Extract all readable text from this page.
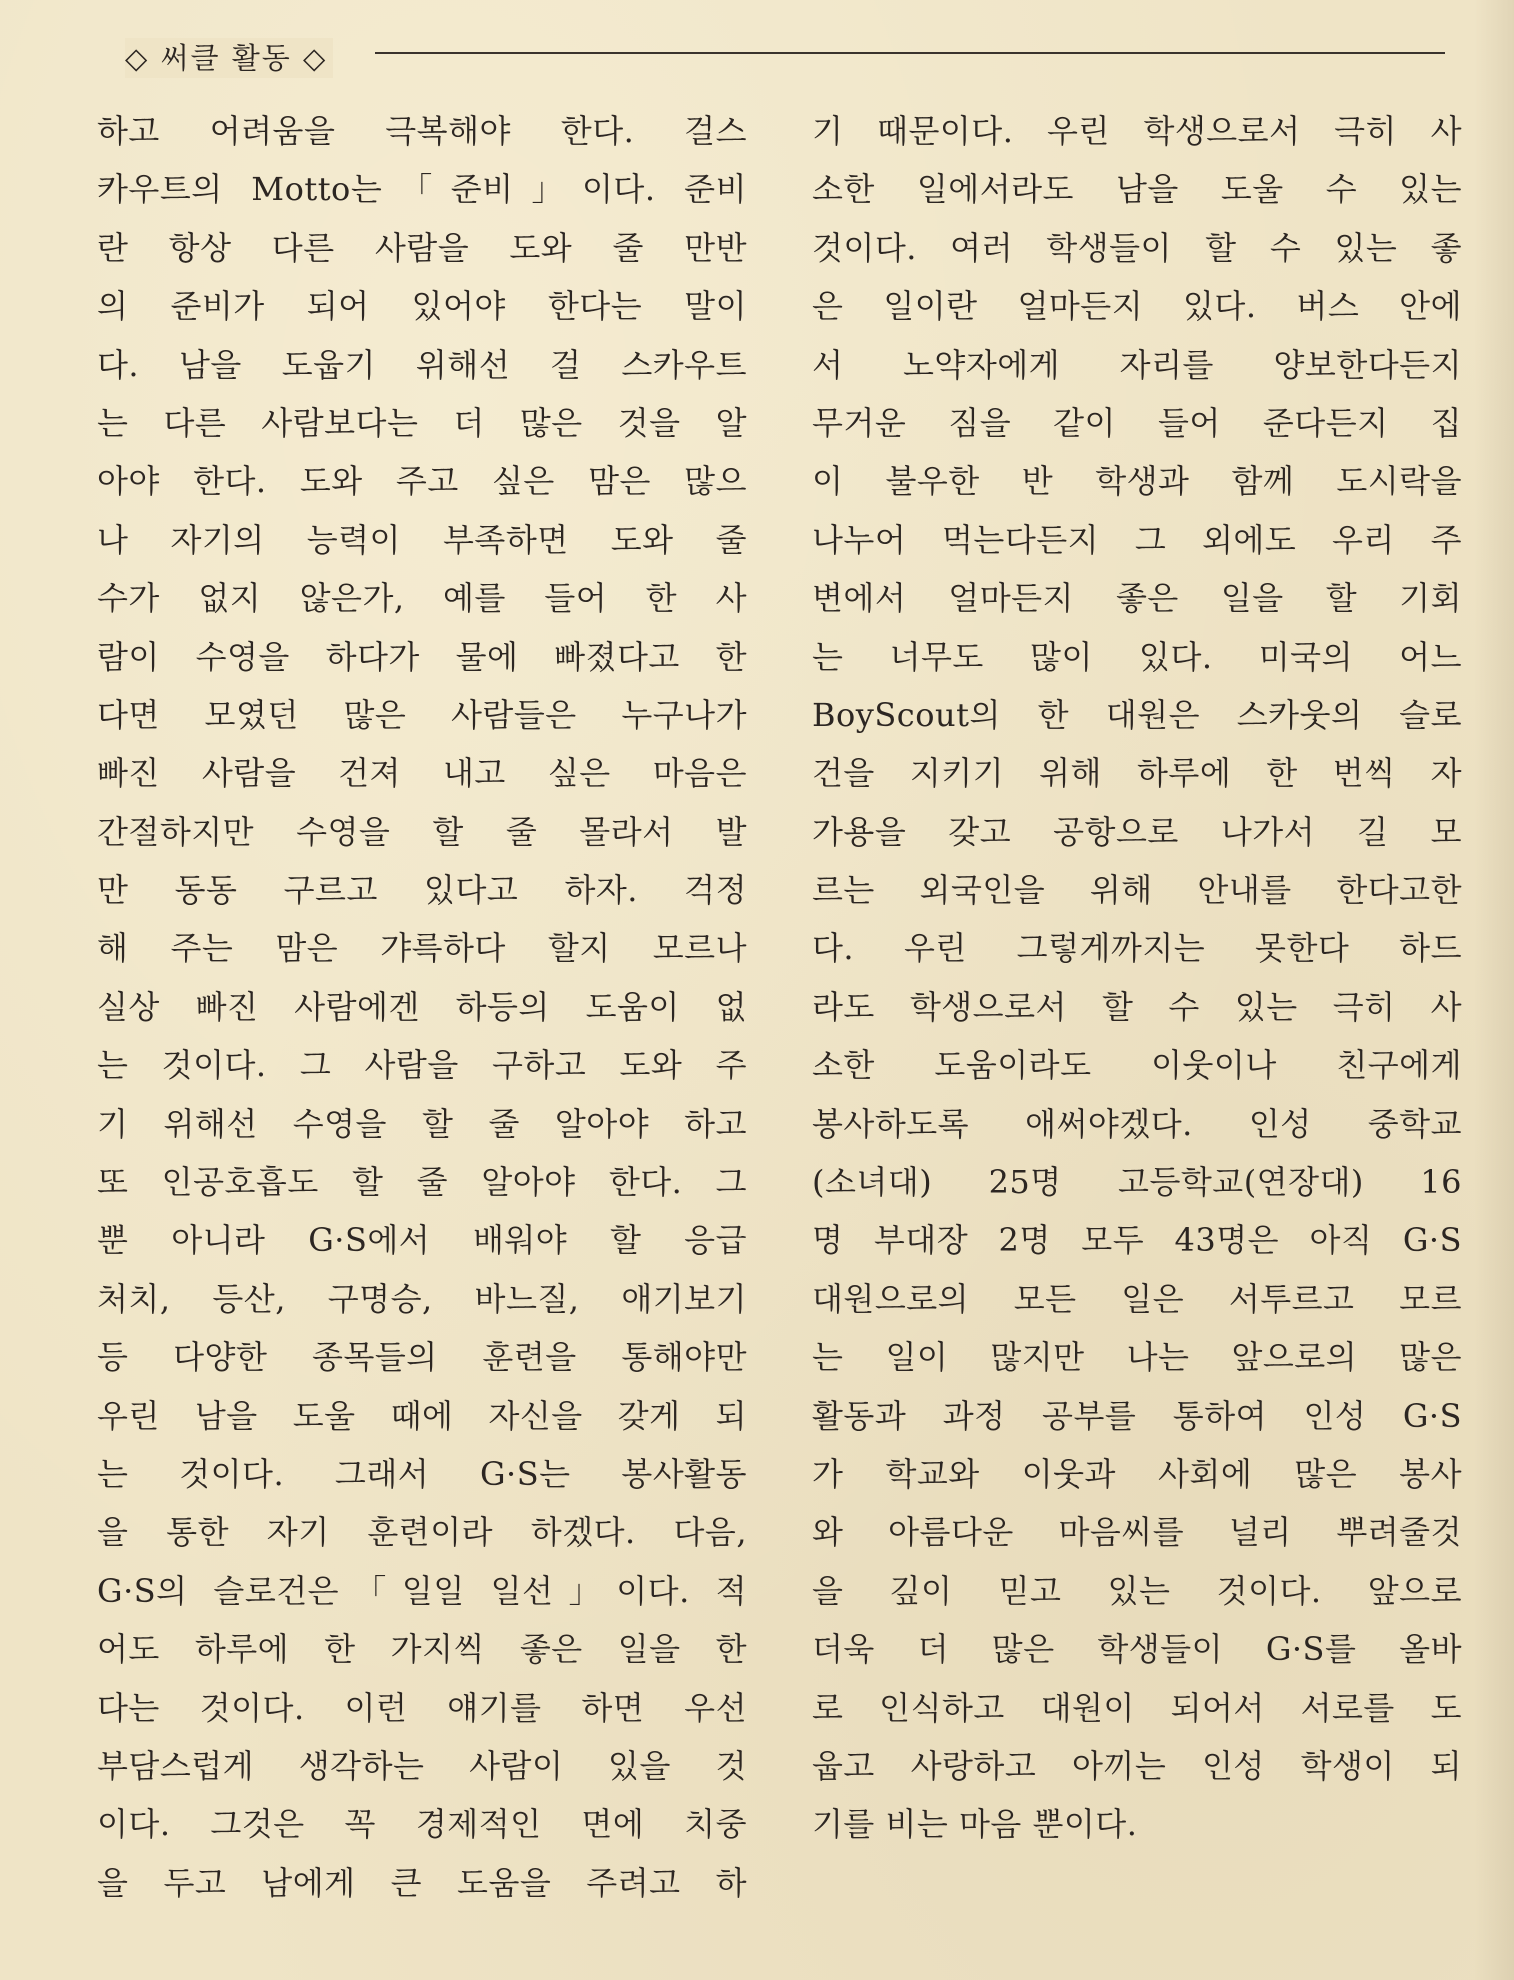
◇ 써클 활동 ◇
하고 어려움을 극복해야 한다. 걸스
카우트의 Motto는「준비」이다. 준비
란 항상 다른 사람을 도와 줄 만반
의 준비가 되어 있어야 한다는 말이
다. 남을 도웁기 위해선 걸 스카우트
는 다른 사람보다는 더 많은 것을 알
아야 한다. 도와 주고 싶은 맘은 많으
나 자기의 능력이 부족하면 도와 줄
수가 없지 않은가, 예를 들어 한 사
람이 수영을 하다가 물에 빠졌다고 한
다면 모였던 많은 사람들은 누구나가
빠진 사람을 건져 내고 싶은 마음은
간절하지만 수영을 할 줄 몰라서 발
만 동동 구르고 있다고 하자. 걱정
해 주는 맘은 갸륵하다 할지 모르나
실상 빠진 사람에겐 하등의 도움이 없
는 것이다. 그 사람을 구하고 도와 주
기 위해선 수영을 할 줄 알아야 하고
또 인공호흡도 할 줄 알아야 한다. 그
뿐 아니라 G·S에서 배워야 할 응급
처치, 등산, 구명승, 바느질, 애기보기
등 다양한 종목들의 훈련을 통해야만
우린 남을 도울 때에 자신을 갖게 되
는 것이다. 그래서 G·S는 봉사활동
을 통한 자기 훈련이라 하겠다. 다음,
G·S의 슬로건은「일일 일선」이다. 적
어도 하루에 한 가지씩 좋은 일을 한
다는 것이다. 이런 얘기를 하면 우선
부담스럽게 생각하는 사람이 있을 것
이다. 그것은 꼭 경제적인 면에 치중
을 두고 남에게 큰 도움을 주려고 하
기 때문이다. 우린 학생으로서 극히 사
소한 일에서라도 남을 도울 수 있는
것이다. 여러 학생들이 할 수 있는 좋
은 일이란 얼마든지 있다. 버스 안에
서 노약자에게 자리를 양보한다든지
무거운 짐을 같이 들어 준다든지 집
이 불우한 반 학생과 함께 도시락을
나누어 먹는다든지 그 외에도 우리 주
변에서 얼마든지 좋은 일을 할 기회
는 너무도 많이 있다. 미국의 어느
BoyScout의 한 대원은 스카웃의 슬로
건을 지키기 위해 하루에 한 번씩 자
가용을 갖고 공항으로 나가서 길 모
르는 외국인을 위해 안내를 한다고한
다. 우린 그렇게까지는 못한다 하드
라도 학생으로서 할 수 있는 극히 사
소한 도움이라도 이웃이나 친구에게
봉사하도록 애써야겠다. 인성 중학교
(소녀대) 25명 고등학교(연장대) 16
명 부대장 2명 모두 43명은 아직 G·S
대원으로의 모든 일은 서투르고 모르
는 일이 많지만 나는 앞으로의 많은
활동과 과정 공부를 통하여 인성 G·S
가 학교와 이웃과 사회에 많은 봉사
와 아름다운 마음씨를 널리 뿌려줄것
을 깊이 믿고 있는 것이다. 앞으로
더욱 더 많은 학생들이 G·S를 올바
로 인식하고 대원이 되어서 서로를 도
웁고 사랑하고 아끼는 인성 학생이 되
기를 비는 마음 뿐이다.
